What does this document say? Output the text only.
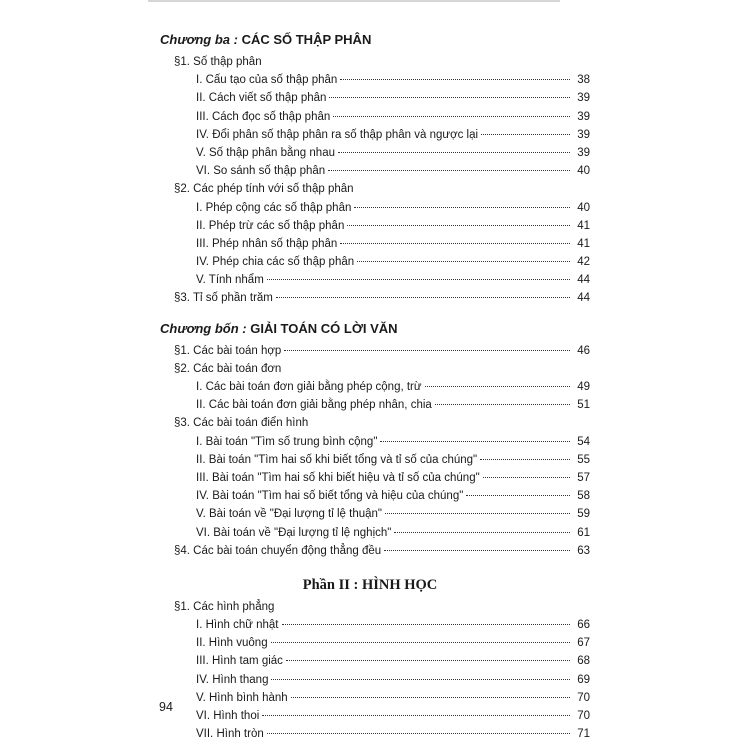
Chương ba : CÁC SỐ THẬP PHÂN
§1. Số thập phân
I. Cấu tạo của số thập phân	38
II. Cách viết số thập phân	39
III. Cách đọc số thập phân	39
IV. Đổi phân số thập phân ra số thập phân và ngược lại	39
V. Số thập phân bằng nhau	39
VI. So sánh số thập phân	40
§2. Các phép tính với số thập phân
I. Phép cộng các số thập phân	40
II. Phép trừ các số thập phân	41
III. Phép nhân số thập phân	41
IV. Phép chia các số thập phân	42
V. Tính nhẩm	44
§3. Tỉ số phần trăm	44
Chương bốn : GIẢI TOÁN CÓ LỜI VĂN
§1. Các bài toán hợp	46
§2. Các bài toán đơn
I. Các bài toán đơn giải bằng phép cộng, trừ	49
II. Các bài toán đơn giải bằng phép nhân, chia	51
§3. Các bài toán điển hình
I. Bài toán "Tìm số trung bình cộng"	54
II. Bài toán "Tìm hai số khi biết tổng và tỉ số của chúng"	55
III. Bài toán "Tìm hai số khi biết hiệu và tỉ số của chúng"	57
IV. Bài toán "Tìm hai số biết tổng và hiệu của chúng"	58
V. Bài toán về "Đại lượng tỉ lệ thuận"	59
VI. Bài toán về "Đại lượng tỉ lệ nghịch"	61
§4. Các bài toán chuyển động thẳng đều	63
Phần II : HÌNH HỌC
§1. Các hình phẳng
I. Hình chữ nhật	66
II. Hình vuông	67
III. Hình tam giác	68
IV. Hình thang	69
V. Hình bình hành	70
VI. Hình thoi	70
VII. Hình tròn	71
94
